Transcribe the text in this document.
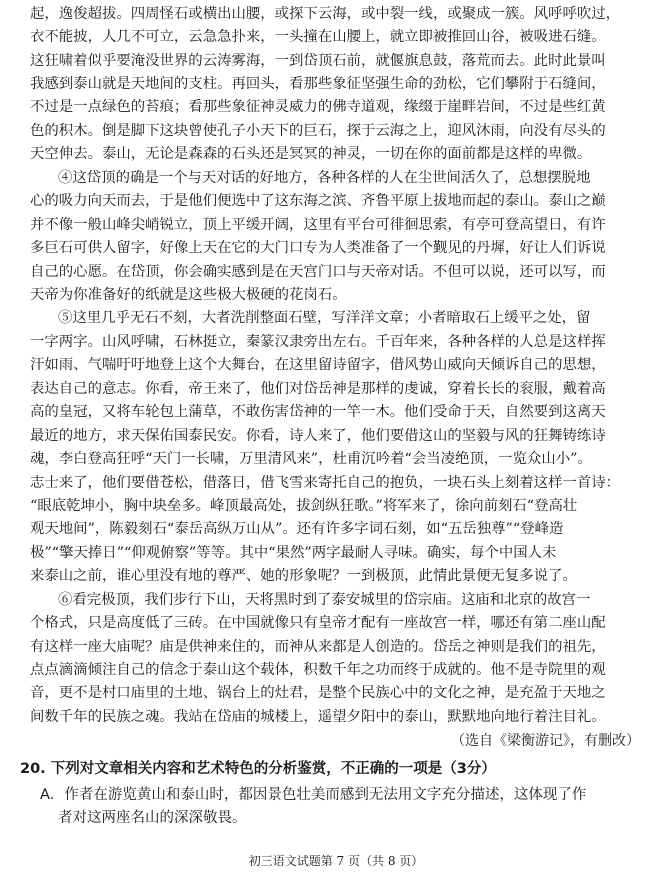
起，逸俊超拔。四周怪石或横出山腰，或探下云海，或中裂一线，或聚成一簇。风呼呼吹过，
衣不能披，人几不可立，云急急扑来，一头撞在山腰上，就立即被推回山谷，被吸进石缝。
这狂啸着似乎要淹没世界的云涛雾海，一到岱顶石前，就偃旗息鼓，落荒而去。此时此景叫
我感到泰山就是天地间的支柱。再回头，看那些象征坚强生命的劲松，它们攀附于石缝间，
不过是一点绿色的苔痕；看那些象征神灵威力的佛寺道观，缘缀于崖畔岩间，不过是些红黄
色的积木。倒是脚下这块曾使孔子小天下的巨石，探于云海之上，迎风沐雨，向没有尽头的
天空伸去。泰山，无论是森森的石头还是冥冥的神灵，一切在你的面前都是这样的卑微。
④这岱顶的确是一个与天对话的好地方，各种各样的人在尘世间活久了，总想摆脱地
心的吸力向天而去，于是他们便选中了这东海之滨、齐鲁平原上拔地而起的泰山。泰山之巅
并不像一般山峰尖峭锐立，顶上平缓开阔，这里有平台可徘徊思索，有亭可登高望日，有许
多巨石可供人留字，好像上天在它的大门口专为人类准备了一个觐见的丹墀，好让人们诉说
自己的心愿。在岱顶，你会确实感到是在天宫门口与天帝对话。不但可以说，还可以写，而
天帝为你准备好的纸就是这些极大极硬的花岗石。
⑤这里几乎无石不刻，大者洗削整面石壁，写洋洋文章；小者暗取石上缓平之处，留
一字两字。山风呼啸，石林挺立，秦篆汉隶旁出左右。千百年来，各种各样的人总是这样挥
汗如雨、气喘吁吁地登上这个大舞台，在这里留诗留字，借风势山威向天倾诉自己的思想，
表达自己的意志。你看，帝王来了，他们对岱岳神是那样的虔诚，穿着长长的衮服，戴着高
高的皇冠，又将车轮包上蒲草，不敢伤害岱神的一竿一木。他们受命于天，自然要到这离天
最近的地方，求天保佑国泰民安。你看，诗人来了，他们要借这山的坚毅与风的狂舞铸练诗
魂，李白登高狂呼“天门一长啸，万里清风来”，杜甫沉吟着“会当凌绝顶，一览众山小”。
志士来了，他们要借苍松，借落日，借飞雪来寄托自己的抱负，一块石头上刻着这样一首诗：
“眼底乾坤小，胸中块垒多。峰顶最高处，拔剑纵狂歌。”将军来了，徐向前刻石“登高壮
观天地间”，陈毅刻石“泰岳高纵万山从”。还有许多字词石刻，如“五岳独尊”“登峰造
极”“擎天捧日”“仰观俯察”等等。其中“果然”两字最耐人寻味。确实，每个中国人未
来泰山之前，谁心里没有地的尊严、她的形象呢？一到极顶，此情此景便无复多说了。
⑥看完极顶，我们步行下山，天将黑时到了泰安城里的岱宗庙。这庙和北京的故宫一
个格式，只是高度低了三砖。在中国就像只有皇帝才配有一座故宫一样，哪还有第二座山配
有这样一座大庙呢？庙是供神来住的，而神从来都是人创造的。岱岳之神则是我们的祖先，
点点滴滴倾注自己的信念于泰山这个载体，积数千年之功而终于成就的。他不是寺院里的观
音，更不是村口庙里的土地、锅台上的灶君，是整个民族心中的文化之神，是充盈于天地之
间数千年的民族之魂。我站在岱庙的城楼上，遥望夕阳中的泰山，默默地向地行着注目礼。
（选自《梁衡游记》，有删改）
20. 下列对文章相关内容和艺术特色的分析鉴赏，不正确的一项是（3分）
A．作者在游览黄山和泰山时，都因景色壮美而感到无法用文字充分描述，这体现了作
者对这两座名山的深深敬畏。
初三语文试题第 7 页（共 8 页）
